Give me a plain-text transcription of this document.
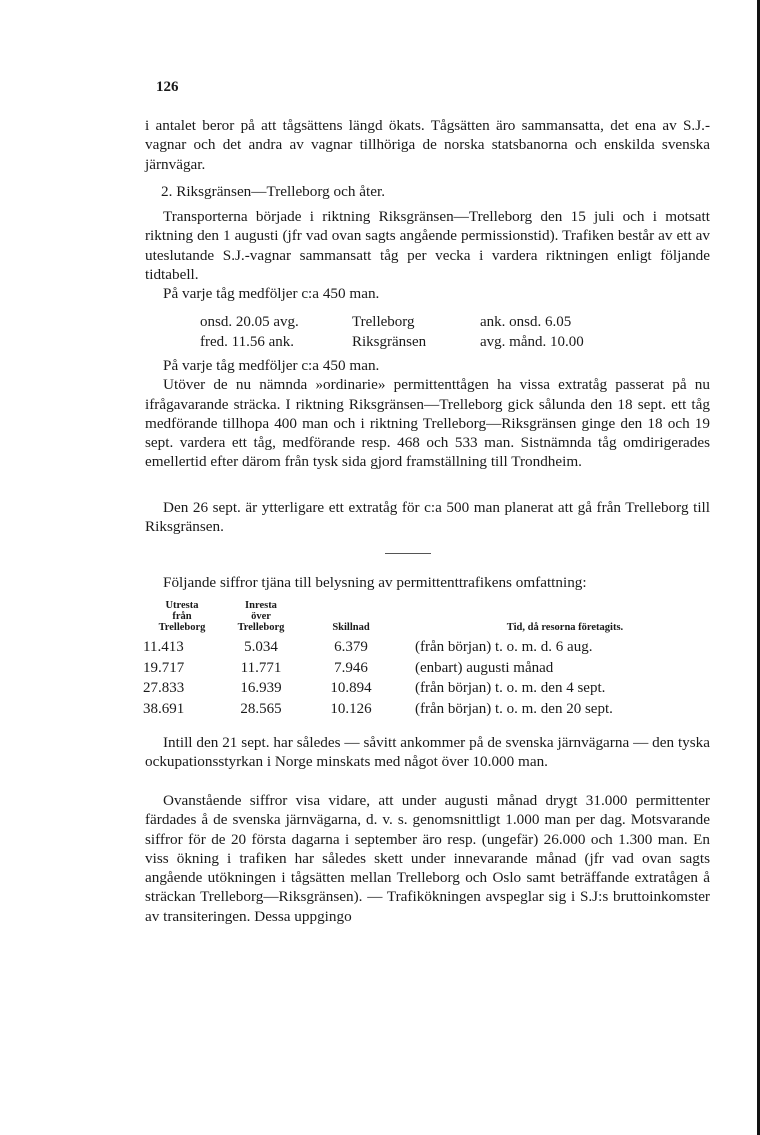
126

i antalet beror på att tågsättens längd ökats. Tågsätten äro sammansatta, det ena av S.J.-vagnar och det andra av vagnar tillhöriga de norska statsbanorna och enskilda svenska järnvägar.

2. Riksgränsen—Trelleborg och åter.

Transporterna började i riktning Riksgränsen—Trelleborg den 15 juli och i motsatt riktning den 1 augusti (jfr vad ovan sagts angående permissionstid). Trafiken består av ett av uteslutande S.J.-vagnar sammansatt tåg per vecka i vardera riktningen enligt följande tidtabell.

På varje tåg medföljer c:a 450 man.

onsd. 20.05 avg.	Trelleborg	ank. onsd. 6.05
fred. 11.56 ank.	Riksgränsen	avg. månd. 10.00

På varje tåg medföljer c:a 450 man.

Utöver de nu nämnda »ordinarie» permittenttågen ha vissa extratåg passerat på nu ifrågavarande sträcka. I riktning Riksgränsen—Trelleborg gick sålunda den 18 sept. ett tåg medförande tillhopa 400 man och i riktning Trelleborg—Riksgränsen ginge den 18 och 19 sept. vardera ett tåg, medförande resp. 468 och 533 man. Sistnämnda tåg omdirigerades emellertid efter därom från tysk sida gjord framställning till Trondheim.

Den 26 sept. är ytterligare ett extratåg för c:a 500 man planerat att gå från Trelleborg till Riksgränsen.

Följande siffror tjäna till belysning av permittenttrafikens omfattning:

Utresta
från
Trelleborg	Inresta
över
Trelleborg	Skillnad	Tid, då resorna företagits.
11.413	5.034	6.379	(från början) t. o. m. d. 6 aug.
19.717	11.771	7.946	(enbart) augusti månad
27.833	16.939	10.894	(från början) t. o. m. den 4 sept.
38.691	28.565	10.126	(från början) t. o. m. den 20 sept.

Intill den 21 sept. har således — såvitt ankommer på de svenska järnvägarna — den tyska ockupationsstyrkan i Norge minskats med något över 10.000 man.

Ovanstående siffror visa vidare, att under augusti månad drygt 31.000 permittenter färdades å de svenska järnvägarna, d. v. s. genomsnittligt 1.000 man per dag. Motsvarande siffror för de 20 första dagarna i september äro resp. (ungefär) 26.000 och 1.300 man. En viss ökning i trafiken har således skett under innevarande månad (jfr vad ovan sagts angående utökningen i tågsätten mellan Trelleborg och Oslo samt beträffande extratågen å sträckan Trelleborg—Riksgränsen). — Trafikökningen avspeglar sig i S.J:s bruttoinkomster av transiteringen. Dessa uppgingo
